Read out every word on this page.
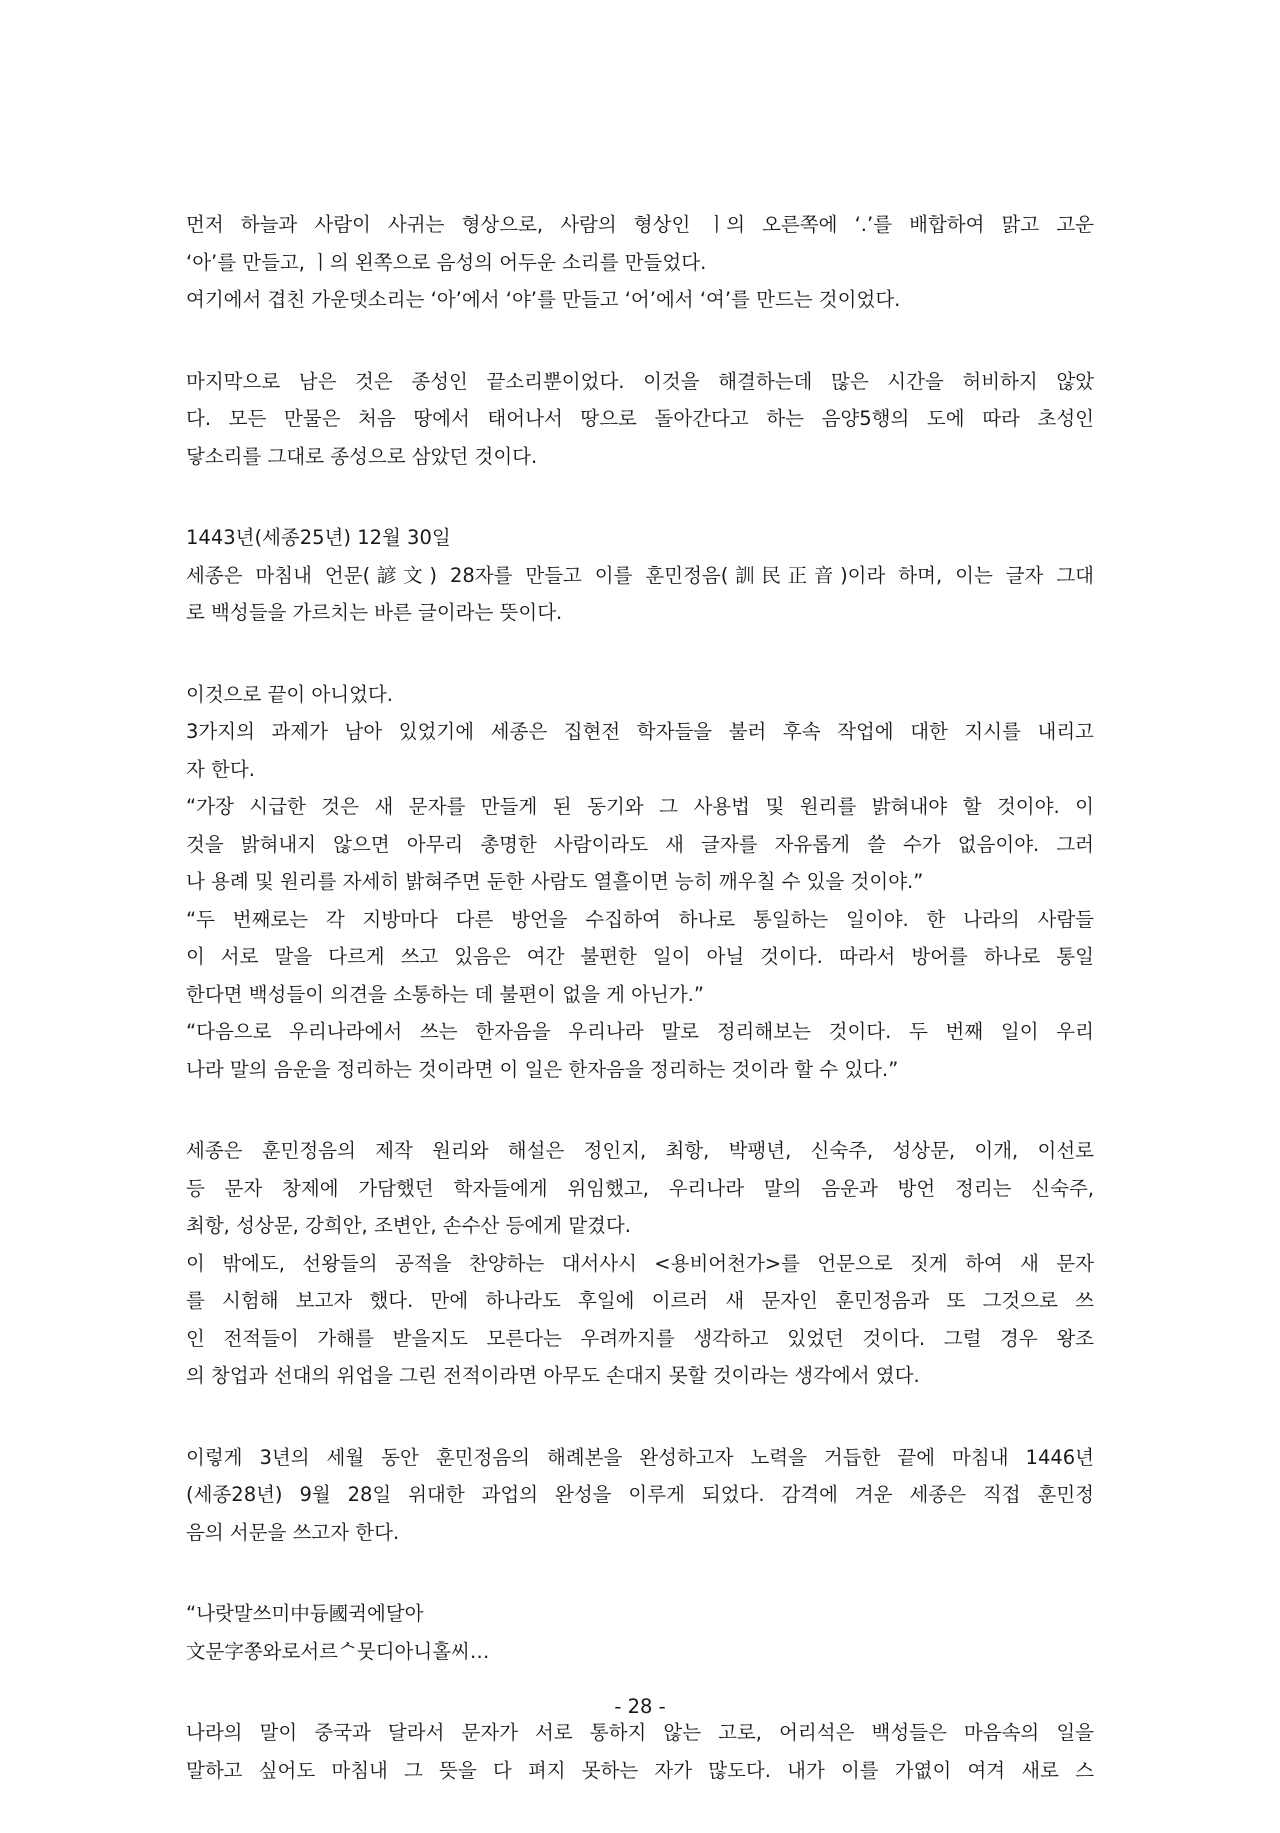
먼저 하늘과 사람이 사귀는 형상으로, 사람의 형상인 ㅣ의 오른쪽에 ‘.’를 배합하여 맑고 고운
‘아’를 만들고, ㅣ의 왼쪽으로 음성의 어두운 소리를 만들었다.
여기에서 겹친 가운뎃소리는 ‘아’에서 ‘야’를 만들고 ‘어’에서 ‘여’를 만드는 것이었다.
마지막으로 남은 것은 종성인 끝소리뿐이었다. 이것을 해결하는데 많은 시간을 허비하지 않았
다. 모든 만물은 처음 땅에서 태어나서 땅으로 돌아간다고 하는 음양5행의 도에 따라 초성인
닿소리를 그대로 종성으로 삼았던 것이다.
1443년(세종25년) 12월 30일
세종은 마침내 언문(諺文) 28자를 만들고 이를 훈민정음(訓民正音)이라 하며, 이는 글자 그대
로 백성들을 가르치는 바른 글이라는 뜻이다.
이것으로 끝이 아니었다.
3가지의 과제가 남아 있었기에 세종은 집현전 학자들을 불러 후속 작업에 대한 지시를 내리고
자 한다.
“가장 시급한 것은 새 문자를 만들게 된 동기와 그 사용법 및 원리를 밝혀내야 할 것이야. 이
것을 밝혀내지 않으면 아무리 총명한 사람이라도 새 글자를 자유롭게 쓸 수가 없음이야. 그러
나 용례 및 원리를 자세히 밝혀주면 둔한 사람도 열흘이면 능히 깨우칠 수 있을 것이야.”
“두 번째로는 각 지방마다 다른 방언을 수집하여 하나로 통일하는 일이야. 한 나라의 사람들
이 서로 말을 다르게 쓰고 있음은 여간 불편한 일이 아닐 것이다. 따라서 방어를 하나로 통일
한다면 백성들이 의견을 소통하는 데 불편이 없을 게 아닌가.”
“다음으로 우리나라에서 쓰는 한자음을 우리나라 말로 정리해보는 것이다. 두 번째 일이 우리
나라 말의 음운을 정리하는 것이라면 이 일은 한자음을 정리하는 것이라 할 수 있다.”
세종은 훈민정음의 제작 원리와 해설은 정인지, 최항, 박팽년, 신숙주, 성상문, 이개, 이선로
등 문자 창제에 가담했던 학자들에게 위임했고, 우리나라 말의 음운과 방언 정리는 신숙주,
최항, 성상문, 강희안, 조변안, 손수산 등에게 맡겼다.
이 밖에도, 선왕들의 공적을 찬양하는 대서사시 <용비어천가>를 언문으로 짓게 하여 새 문자
를 시험해 보고자 했다. 만에 하나라도 후일에 이르러 새 문자인 훈민정음과 또 그것으로 쓰
인 전적들이 가해를 받을지도 모른다는 우려까지를 생각하고 있었던 것이다. 그럴 경우 왕조
의 창업과 선대의 위업을 그린 전적이라면 아무도 손대지 못할 것이라는 생각에서 였다.
이렇게 3년의 세월 동안 훈민정음의 해례본을 완성하고자 노력을 거듭한 끝에 마침내 1446년
(세종28년) 9월 28일 위대한 과업의 완성을 이루게 되었다. 감격에 겨운 세종은 직접 훈민정
음의 서문을 쓰고자 한다.
“나랏말쓰미中듕國귁에달아
文문字쫑와로서르ᄉ뭇디아니홀씨…
나라의 말이 중국과 달라서 문자가 서로 통하지 않는 고로, 어리석은 백성들은 마음속의 일을
말하고 싶어도 마침내 그 뜻을 다 펴지 못하는 자가 많도다. 내가 이를 가엾이 여겨 새로 스
- 28 -
